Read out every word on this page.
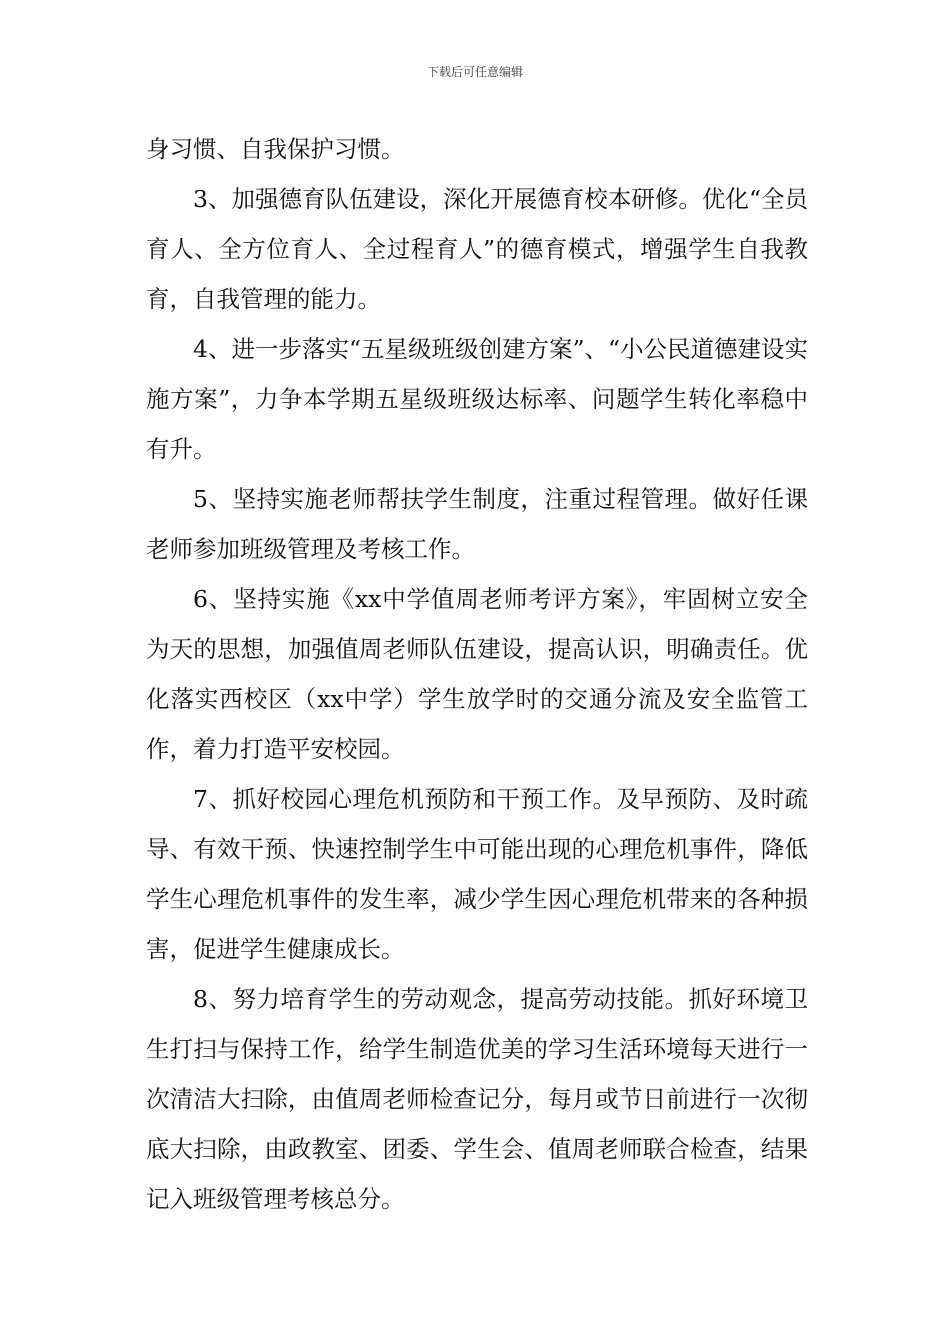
下载后可任意编辑

身习惯、自我保护习惯。

3、加强德育队伍建设，深化开展德育校本研修。优化“全员育人、全方位育人、全过程育人”的德育模式，增强学生自我教育，自我管理的能力。

4、进一步落实“五星级班级创建方案”、“小公民道德建设实施方案”，力争本学期五星级班级达标率、问题学生转化率稳中有升。

5、坚持实施老师帮扶学生制度，注重过程管理。做好任课老师参加班级管理及考核工作。

6、坚持实施《xx中学值周老师考评方案》，牢固树立安全为天的思想，加强值周老师队伍建设，提高认识，明确责任。优化落实西校区（xx中学）学生放学时的交通分流及安全监管工作，着力打造平安校园。

7、抓好校园心理危机预防和干预工作。及早预防、及时疏导、有效干预、快速控制学生中可能出现的心理危机事件，降低学生心理危机事件的发生率，减少学生因心理危机带来的各种损害，促进学生健康成长。

8、努力培育学生的劳动观念，提高劳动技能。抓好环境卫生打扫与保持工作，给学生制造优美的学习生活环境每天进行一次清洁大扫除，由值周老师检查记分，每月或节日前进行一次彻底大扫除，由政教室、团委、学生会、值周老师联合检查，结果记入班级管理考核总分。
